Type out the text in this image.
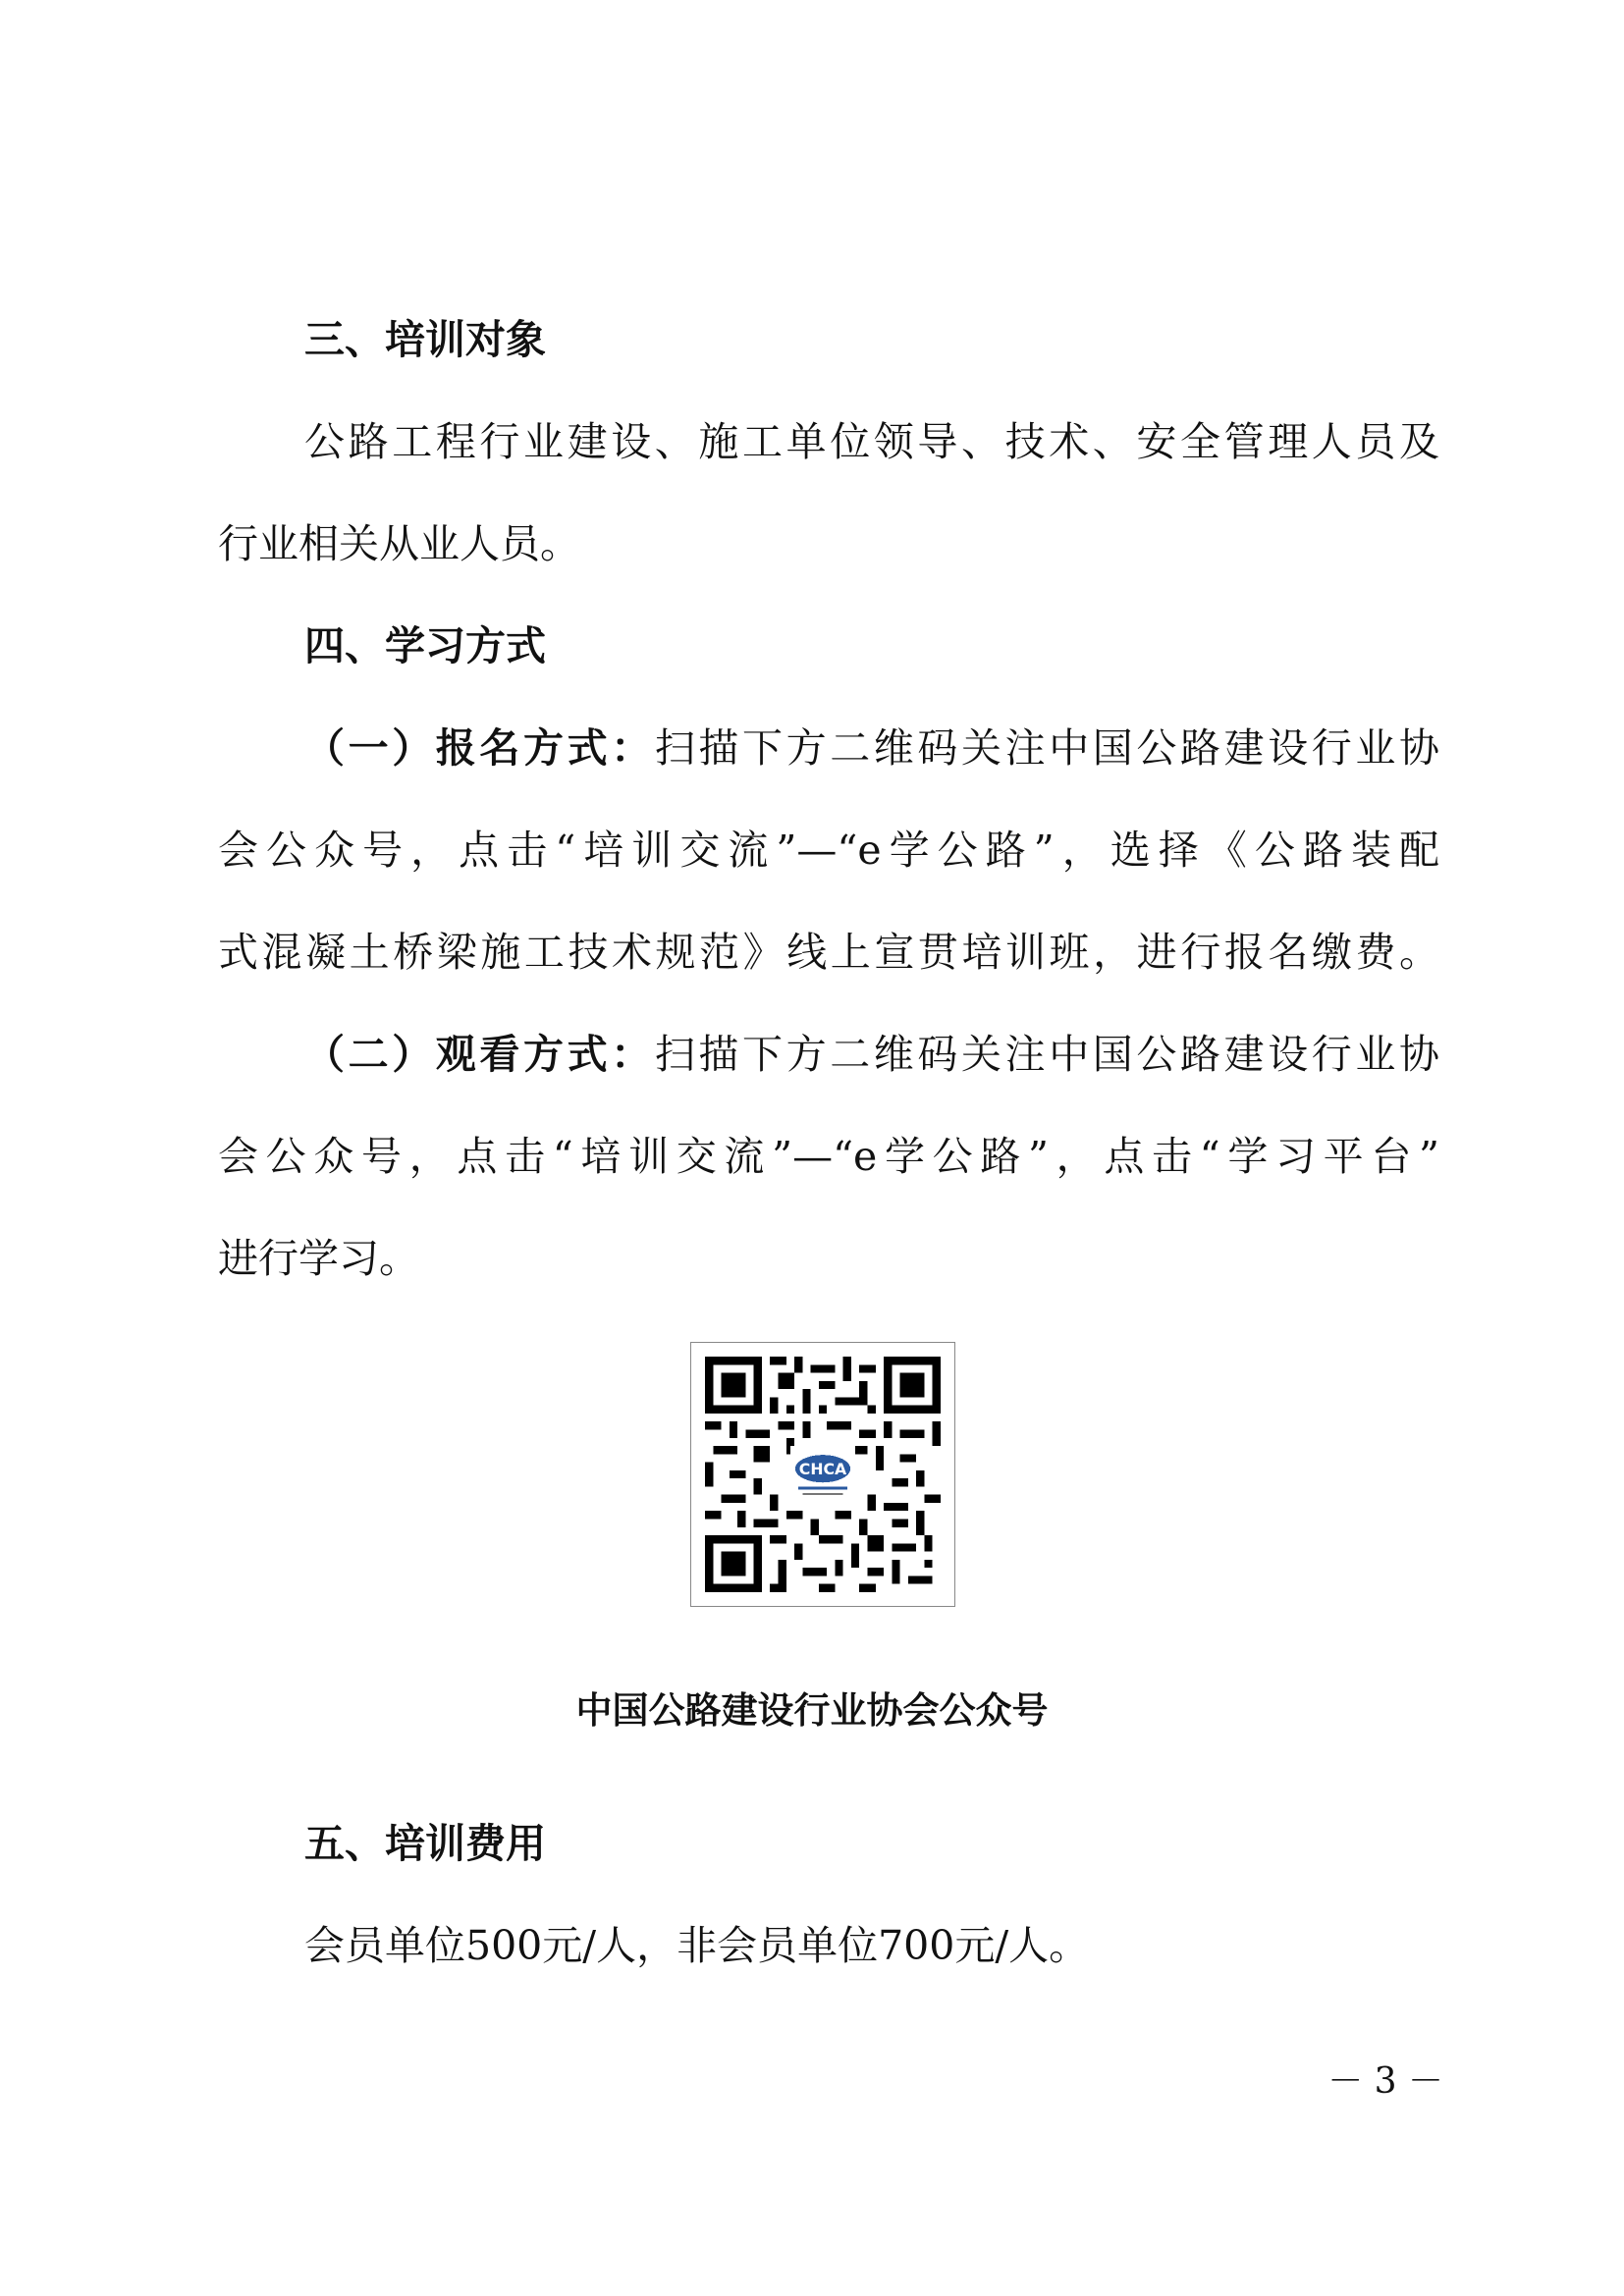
三、培训对象
公路工程行业建设、施工单位领导、技术、安全管理人员及
行业相关从业人员。
四、学习方式
（一）报名方式：扫描下方二维码关注中国公路建设行业协
会公众号，点击“培训交流”—“e学公路”，选择《公路装配
式混凝土桥梁施工技术规范》线上宣贯培训班，进行报名缴费。
（二）观看方式：扫描下方二维码关注中国公路建设行业协
会公众号，点击“培训交流”—“e学公路”，点击“学习平台”
进行学习。
CHCA
中国公路建设行业协会公众号
五、培训费用
会员单位500元/人，非会员单位700元/人。
－ 3 －
